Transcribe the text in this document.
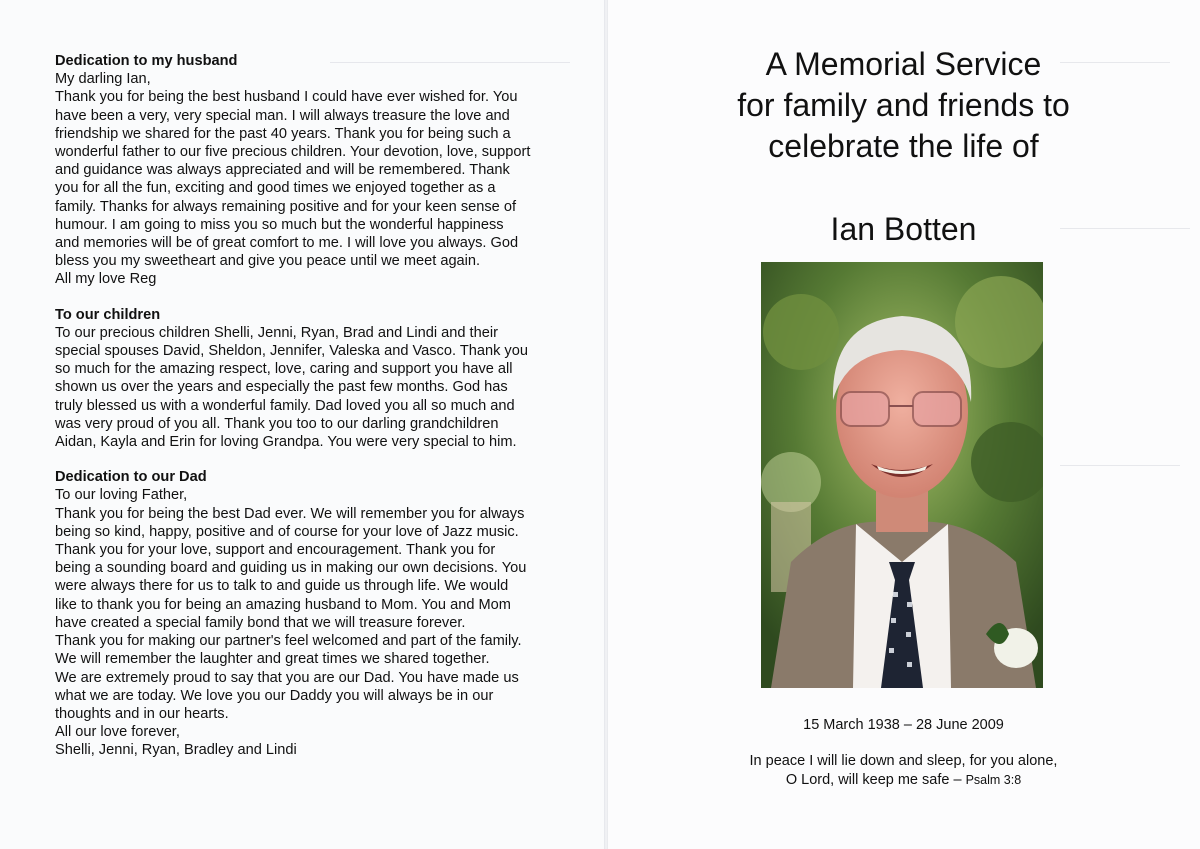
Dedication to my husband

My darling Ian,

Thank you for being the best husband I could have ever wished for. You

have been a very, very special man. I will always treasure the love and

friendship we shared for the past 40 years. Thank you for being such a

wonderful father to our five precious children. Your devotion, love, support

and guidance was always appreciated and will be remembered. Thank

you for all the fun, exciting and good times we enjoyed together as a

family. Thanks for always remaining positive and for your keen sense of

humour. I am going to miss you so much but the wonderful happiness

and memories will be of great comfort to me. I will love you always. God

bless you my sweetheart and give you peace until we meet again.

All my love Reg

To our children

To our precious children Shelli, Jenni, Ryan, Brad and Lindi and their

special spouses David, Sheldon, Jennifer, Valeska and Vasco. Thank you

so much for the amazing respect, love, caring and support you have all

shown us over the years and especially the past few months. God has

truly blessed us with a wonderful family. Dad loved you all so much and

was very proud of you all. Thank you too to our darling grandchildren

Aidan, Kayla and Erin for loving Grandpa. You were very special to him.

Dedication to our Dad

To our loving Father,

Thank you for being the best Dad ever. We will remember you for always

being so kind, happy, positive and of course for your love of Jazz music.

Thank you for your love, support and encouragement. Thank you for

being a sounding board and guiding us in making our own decisions. You

were always there for us to talk to and guide us through life. We would

like to thank you for being an amazing husband to Mom. You and Mom

have created a special family bond that we will treasure forever.

Thank you for making our partner's feel welcomed and part of the family.

We will remember the laughter and great times we shared together.

We are extremely proud to say that you are our Dad. You have made us

what we are today. We love you our Daddy you will always be in our

thoughts and in our hearts.

All our love forever,

Shelli, Jenni, Ryan, Bradley and Lindi

A Memorial Service
for family and friends to
celebrate the life of
Ian Botten
15 March 1938 – 28 June 2009
In peace I will lie down and sleep, for you alone,
O Lord, will keep me safe – Psalm 3:8
